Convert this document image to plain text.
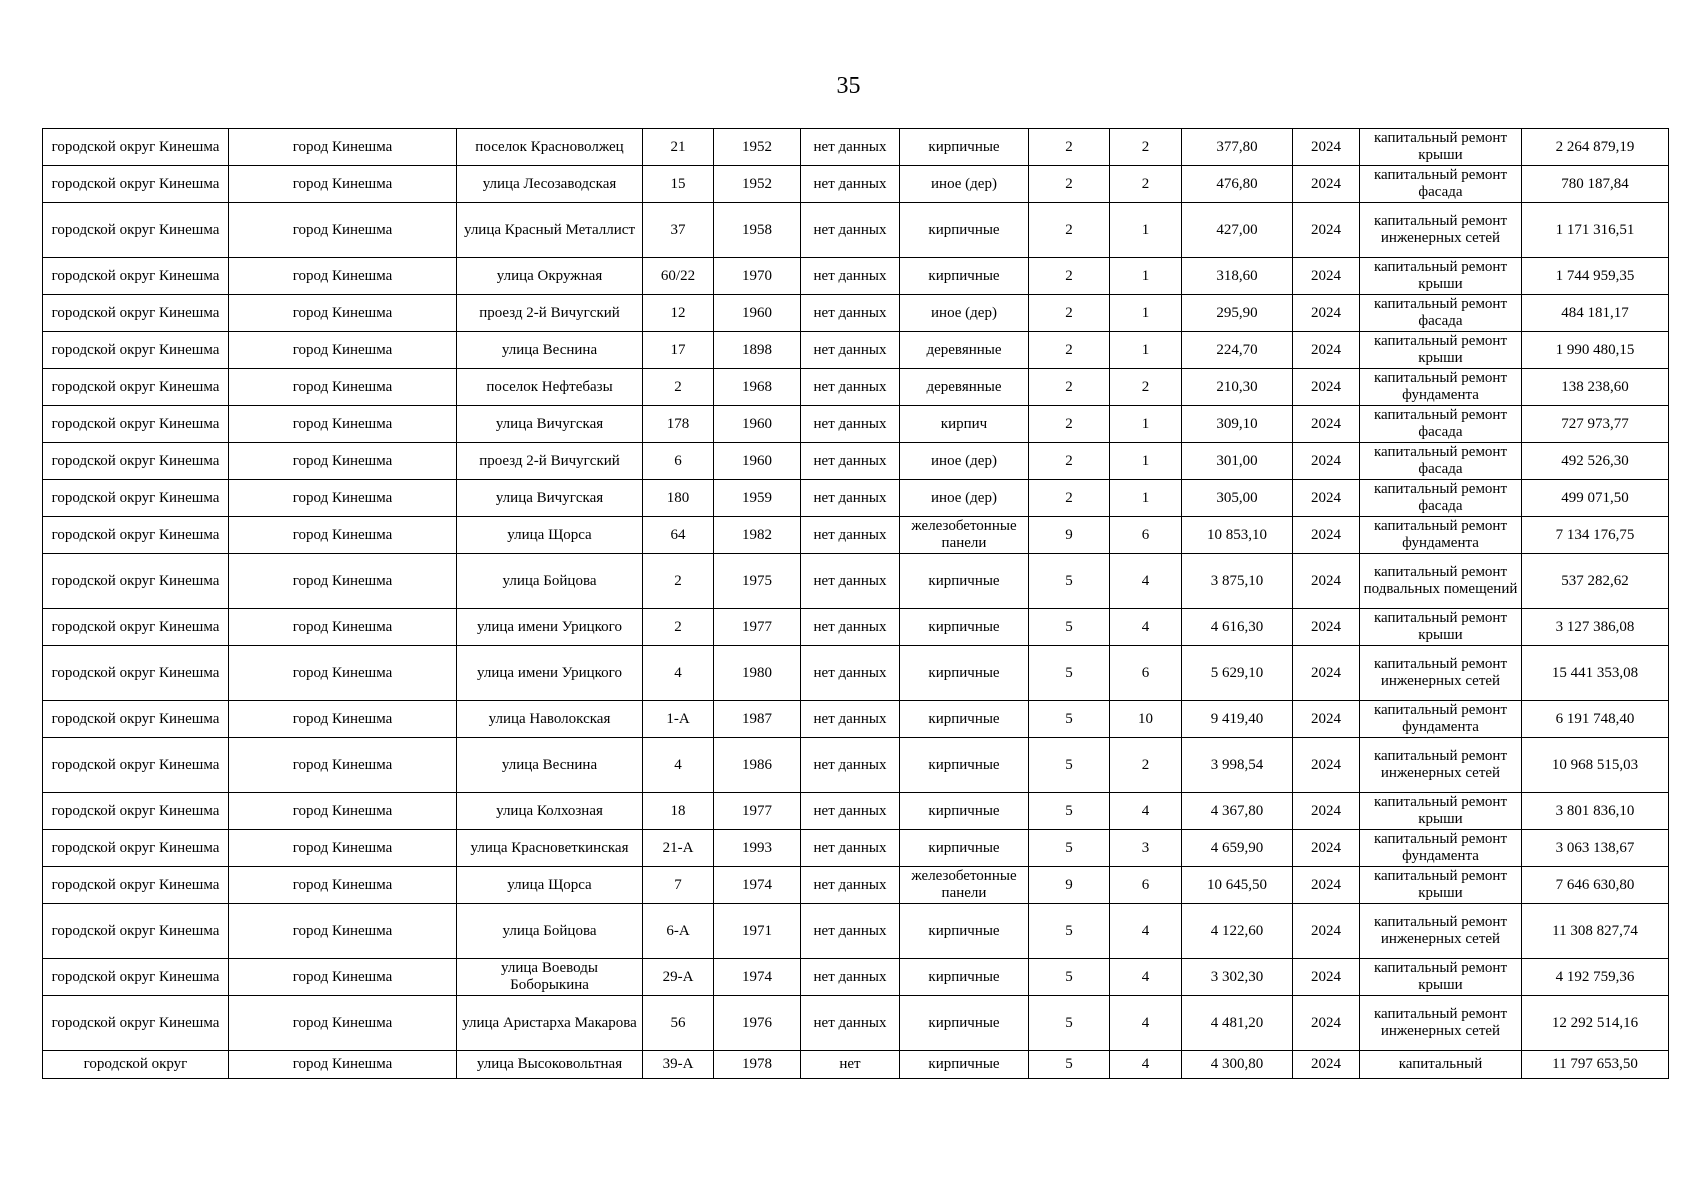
35
городской округ Кинешма	город Кинешма	поселок Красноволжец	21	1952	нет данных	кирпичные	2	2	377,80	2024	капитальный ремонт крыши	2 264 879,19
городской округ Кинешма	город Кинешма	улица Лесозаводская	15	1952	нет данных	иное (дер)	2	2	476,80	2024	капитальный ремонт фасада	780 187,84
городской округ Кинешма	город Кинешма	улица Красный Металлист	37	1958	нет данных	кирпичные	2	1	427,00	2024	капитальный ремонт инженерных сетей	1 171 316,51
городской округ Кинешма	город Кинешма	улица Окружная	60/22	1970	нет данных	кирпичные	2	1	318,60	2024	капитальный ремонт крыши	1 744 959,35
городской округ Кинешма	город Кинешма	проезд 2-й Вичугский	12	1960	нет данных	иное (дер)	2	1	295,90	2024	капитальный ремонт фасада	484 181,17
городской округ Кинешма	город Кинешма	улица Веснина	17	1898	нет данных	деревянные	2	1	224,70	2024	капитальный ремонт крыши	1 990 480,15
городской округ Кинешма	город Кинешма	поселок Нефтебазы	2	1968	нет данных	деревянные	2	2	210,30	2024	капитальный ремонт фундамента	138 238,60
городской округ Кинешма	город Кинешма	улица Вичугская	178	1960	нет данных	кирпич	2	1	309,10	2024	капитальный ремонт фасада	727 973,77
городской округ Кинешма	город Кинешма	проезд 2-й Вичугский	6	1960	нет данных	иное (дер)	2	1	301,00	2024	капитальный ремонт фасада	492 526,30
городской округ Кинешма	город Кинешма	улица Вичугская	180	1959	нет данных	иное (дер)	2	1	305,00	2024	капитальный ремонт фасада	499 071,50
городской округ Кинешма	город Кинешма	улица Щорса	64	1982	нет данных	железобетонные панели	9	6	10 853,10	2024	капитальный ремонт фундамента	7 134 176,75
городской округ Кинешма	город Кинешма	улица Бойцова	2	1975	нет данных	кирпичные	5	4	3 875,10	2024	капитальный ремонт подвальных помещений	537 282,62
городской округ Кинешма	город Кинешма	улица имени Урицкого	2	1977	нет данных	кирпичные	5	4	4 616,30	2024	капитальный ремонт крыши	3 127 386,08
городской округ Кинешма	город Кинешма	улица имени Урицкого	4	1980	нет данных	кирпичные	5	6	5 629,10	2024	капитальный ремонт инженерных сетей	15 441 353,08
городской округ Кинешма	город Кинешма	улица Наволокская	1-А	1987	нет данных	кирпичные	5	10	9 419,40	2024	капитальный ремонт фундамента	6 191 748,40
городской округ Кинешма	город Кинешма	улица Веснина	4	1986	нет данных	кирпичные	5	2	3 998,54	2024	капитальный ремонт инженерных сетей	10 968 515,03
городской округ Кинешма	город Кинешма	улица Колхозная	18	1977	нет данных	кирпичные	5	4	4 367,80	2024	капитальный ремонт крыши	3 801 836,10
городской округ Кинешма	город Кинешма	улица Красноветкинская	21-А	1993	нет данных	кирпичные	5	3	4 659,90	2024	капитальный ремонт фундамента	3 063 138,67
городской округ Кинешма	город Кинешма	улица Щорса	7	1974	нет данных	железобетонные панели	9	6	10 645,50	2024	капитальный ремонт крыши	7 646 630,80
городской округ Кинешма	город Кинешма	улица Бойцова	6-А	1971	нет данных	кирпичные	5	4	4 122,60	2024	капитальный ремонт инженерных сетей	11 308 827,74
городской округ Кинешма	город Кинешма	улица Воеводы Боборыкина	29-А	1974	нет данных	кирпичные	5	4	3 302,30	2024	капитальный ремонт крыши	4 192 759,36
городской округ Кинешма	город Кинешма	улица Аристарха Макарова	56	1976	нет данных	кирпичные	5	4	4 481,20	2024	капитальный ремонт инженерных сетей	12 292 514,16
городской округ	город Кинешма	улица Высоковольтная	39-А	1978	нет	кирпичные	5	4	4 300,80	2024	капитальный	11 797 653,50
